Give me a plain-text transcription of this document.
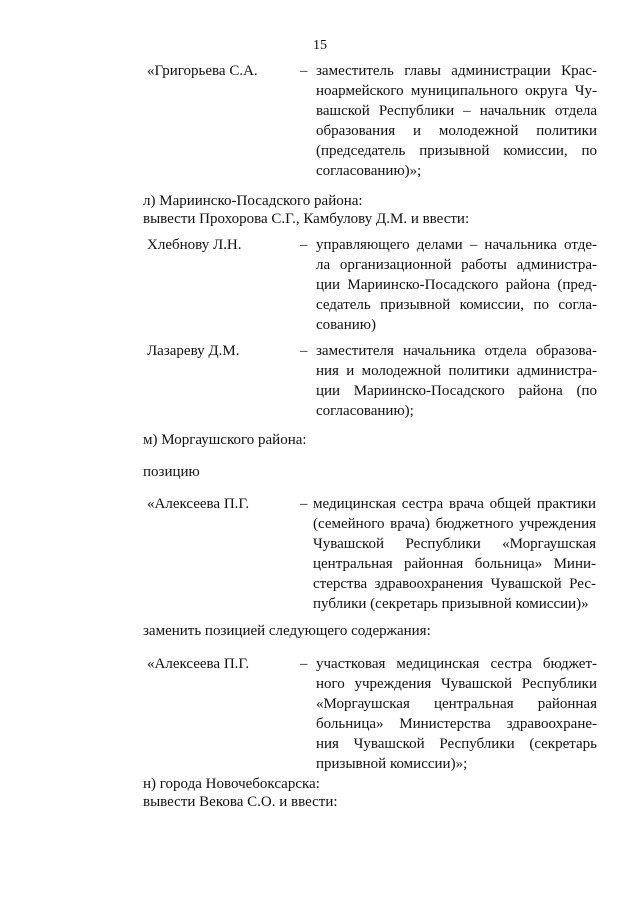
15
«Григорьева С.А.	– заместитель главы администрации Крас-
ноармейского муниципального округа Чу-
вашской Республики – начальник отдела
образования и молодежной политики
(председатель призывной комиссии, по
согласованию)»;
л) Мариинско-Посадского района:
вывести Прохорова С.Г., Камбулову Д.М. и ввести:
Хлебнову Л.Н.	– управляющего делами – начальника отде-
ла организационной работы администра-
ции Мариинско-Посадского района (пред-
седатель призывной комиссии, по согла-
сованию)
Лазареву Д.М.	– заместителя начальника отдела образова-
ния и молодежной политики администра-
ции Мариинско-Посадского района (по
согласованию);
м) Моргаушского района:
позицию
«Алексеева П.Г.	– медицинская сестра врача общей практики
(семейного врача) бюджетного учреждения
Чувашской Республики «Моргаушская
центральная районная больница» Мини-
стерства здравоохранения Чувашской Рес-
публики (секретарь призывной комиссии)»
заменить позицией следующего содержания:
«Алексеева П.Г.	– участковая медицинская сестра бюджет-
ного учреждения Чувашской Республики
«Моргаушская центральная районная
больница» Министерства здравоохране-
ния Чувашской Республики (секретарь
призывной комиссии)»;
н) города Новочебоксарска:
вывести Векова С.О. и ввести:
